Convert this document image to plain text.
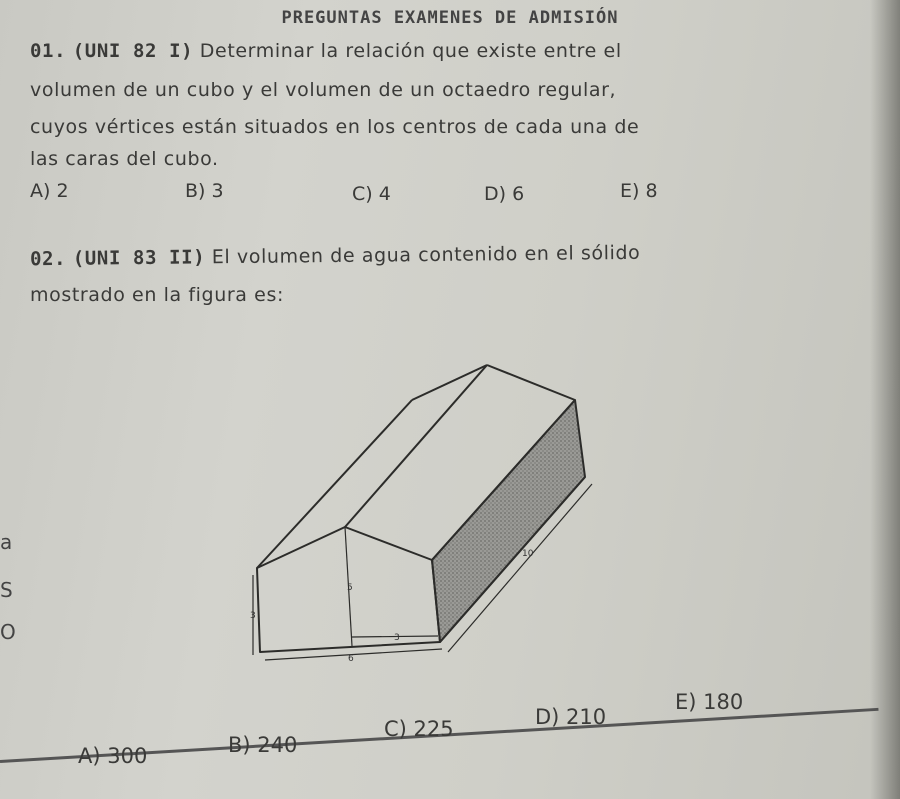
PREGUNTAS EXAMENES DE ADMISIÓN
01. (UNI 82 I) Determinar la relación que existe entre el
volumen de un cubo y el volumen de un octaedro regular,
cuyos vértices están situados en los centros de cada una de
las caras del cubo.
A) 2	B) 3	C) 4	D) 6	E) 8
02. (UNI 83 II) El volumen de agua contenido en el sólido
mostrado en la figura es:
10
5
3
3
6
a
S
O
A) 300	B) 240
C) 225	D) 210
E) 180
